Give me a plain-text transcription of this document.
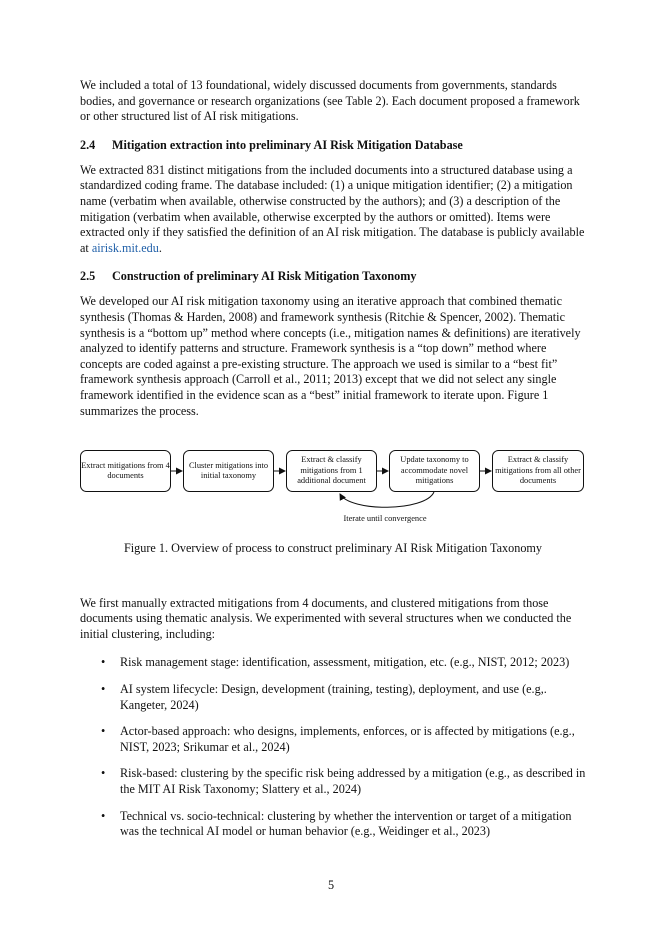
We included a total of 13 foundational, widely discussed documents from governments, standards bodies, and governance or research organizations (see Table 2). Each document proposed a framework or other structured list of AI risk mitigations.

2.4	Mitigation extraction into preliminary AI Risk Mitigation Database

We extracted 831 distinct mitigations from the included documents into a structured database using a standardized coding frame. The database included: (1) a unique mitigation identifier; (2) a mitigation name (verbatim when available, otherwise constructed by the authors); and (3) a description of the mitigation (verbatim when available, otherwise excerpted by the authors or omitted). Items were extracted only if they satisfied the definition of an AI risk mitigation. The database is publicly available at airisk.mit.edu.

2.5	Construction of preliminary AI Risk Mitigation Taxonomy

We developed our AI risk mitigation taxonomy using an iterative approach that combined thematic synthesis (Thomas & Harden, 2008) and framework synthesis (Ritchie & Spencer, 2002). Thematic synthesis is a “bottom up” method where concepts (i.e., mitigation names & definitions) are iteratively analyzed to identify patterns and structure. Framework synthesis is a “top down” method where concepts are coded against a pre-existing structure. The approach we used is similar to a “best fit” framework synthesis approach (Carroll et al., 2011; 2013) except that we did not select any single framework identified in the evidence scan as a “best” initial framework to iterate upon. Figure 1 summarizes the process.

Extract mitigations from 4 documents
Cluster mitigations into initial taxonomy
Extract & classify mitigations from 1 additional document
Update taxonomy to accommodate novel mitigations
Extract & classify mitigations from all other documents
Iterate until convergence

Figure 1. Overview of process to construct preliminary AI Risk Mitigation Taxonomy

We first manually extracted mitigations from 4 documents, and clustered mitigations from those documents using thematic analysis. We experimented with several structures when we conducted the initial clustering, including:

• Risk management stage: identification, assessment, mitigation, etc. (e.g., NIST, 2012; 2023)
• AI system lifecycle: Design, development (training, testing), deployment, and use (e.g,. Kangeter, 2024)
• Actor-based approach: who designs, implements, enforces, or is affected by mitigations (e.g., NIST, 2023; Srikumar et al., 2024)
• Risk-based: clustering by the specific risk being addressed by a mitigation (e.g., as described in the MIT AI Risk Taxonomy; Slattery et al., 2024)
• Technical vs. socio-technical: clustering by whether the intervention or target of a mitigation was the technical AI model or human behavior (e.g., Weidinger et al., 2023)
5
